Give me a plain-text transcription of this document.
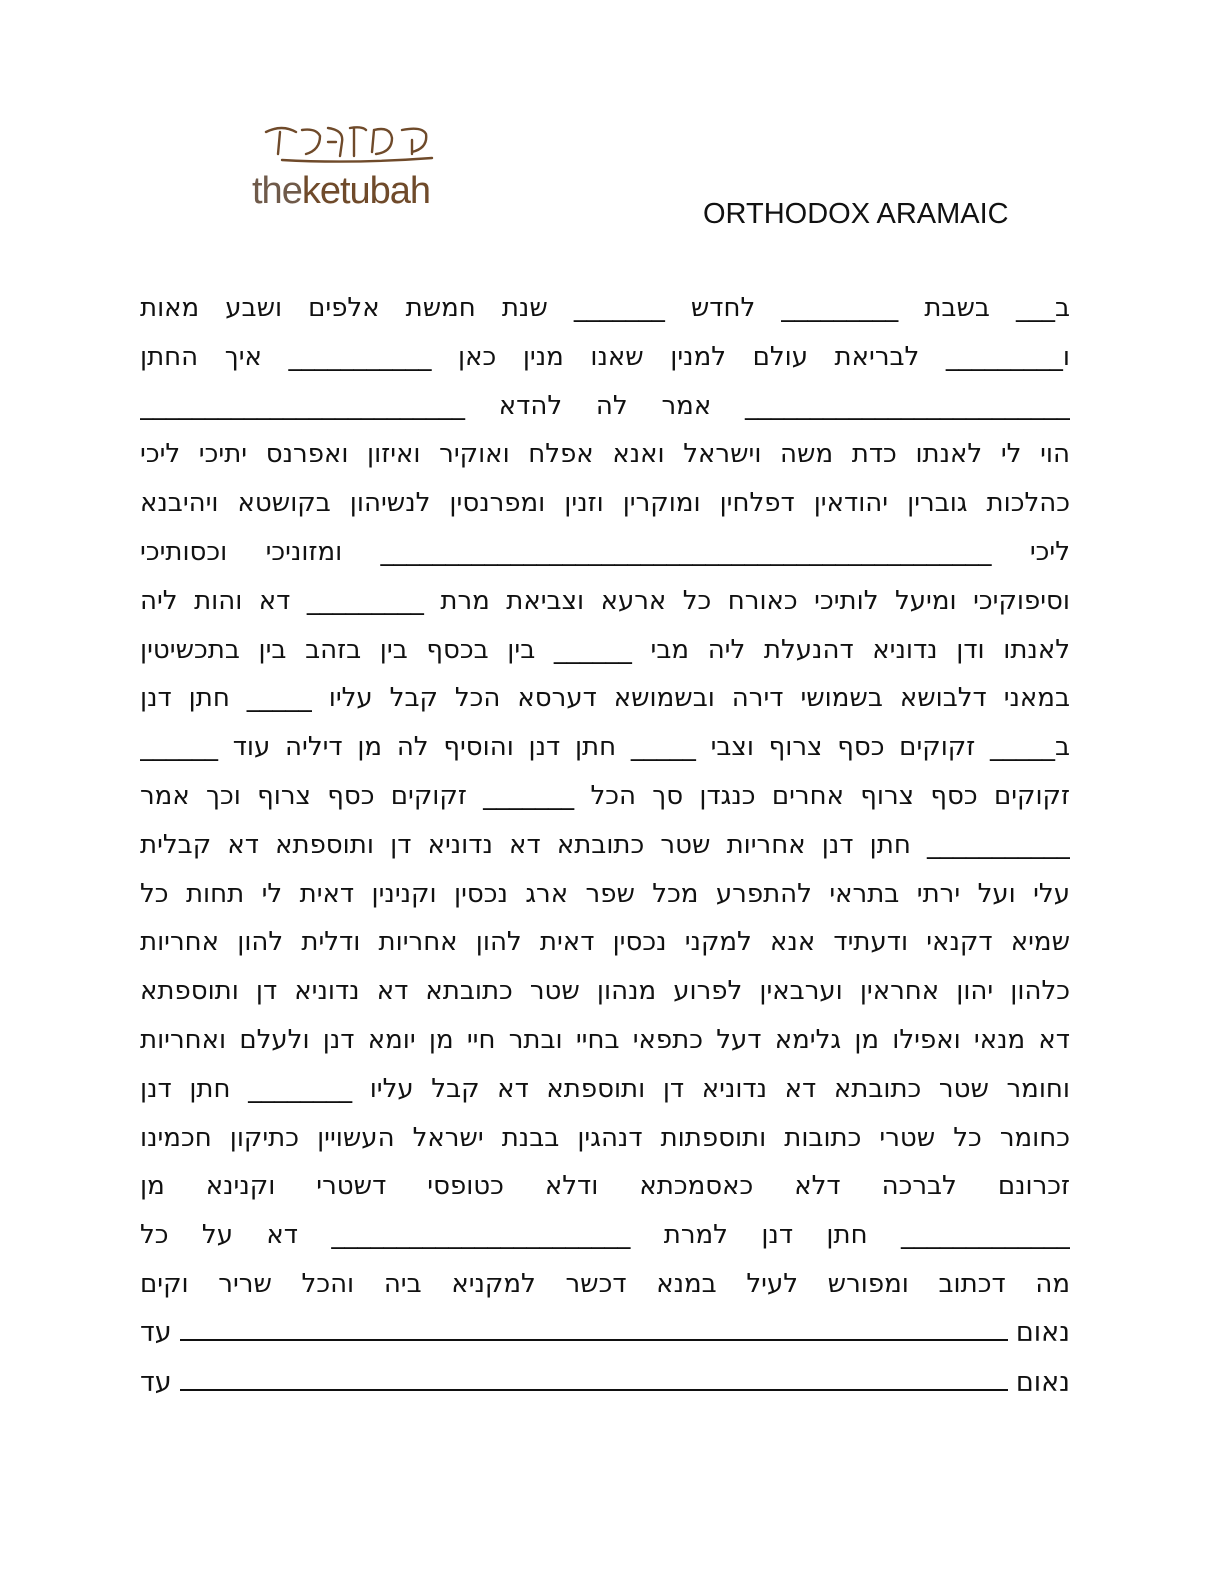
theketubah
ORTHODOX ARAMAIC
ב___ בשבת _________ לחדש _______ שנת חמשת אלפים ושבע מאות
ו_________ לבריאת עולם למנין שאנו מנין כאן ___________ איך החתן
_________________________ אמר לה להדא _________________________
הוי לי לאנתו כדת משה וישראל ואנא אפלח ואוקיר ואיזון ואפרנס יתיכי ליכי
כהלכות גוברין יהודאין דפלחין ומוקרין וזנין ומפרנסין לנשיהון בקושטא ויהיבנא
ליכי _______________________________________________ ומזוניכי וכסותיכי
וסיפוקיכי ומיעל לותיכי כאורח כל ארעא וצביאת מרת _________ דא והות ליה
לאנתו ודן נדוניא דהנעלת ליה מבי ______ בין בכסף בין בזהב בין בתכשיטין
במאני דלבושא בשמושי דירה ובשמושא דערסא הכל קבל עליו _____ חתן דנן
ב_____ זקוקים כסף צרוף וצבי _____ חתן דנן והוסיף לה מן דיליה עוד ______
זקוקים כסף צרוף אחרים כנגדן סך הכל _______ זקוקים כסף צרוף וכך אמר
___________ חתן דנן אחריות שטר כתובתא דא נדוניא דן ותוספתא דא קבלית
עלי ועל ירתי בתראי להתפרע מכל שפר ארג נכסין וקנינין דאית לי תחות כל
שמיא דקנאי ודעתיד אנא למקני נכסין דאית להון אחריות ודלית להון אחריות
כלהון יהון אחראין וערבאין לפרוע מנהון שטר כתובתא דא נדוניא דן ותוספתא
דא מנאי ואפילו מן גלימא דעל כתפאי בחיי ובתר חיי מן יומא דנן ולעלם ואחריות
וחומר שטר כתובתא דא נדוניא דן ותוספתא דא קבל עליו ________ חתן דנן
כחומר כל שטרי כתובות ותוספתות דנהגין בבנת ישראל העשויין כתיקון חכמינו
זכרונם לברכה דלא כאסמכתא ודלא כטופסי דשטרי וקנינא מן
_____________ חתן דנן למרת _______________________ דא על כל
מה דכתוב ומפורש לעיל במנא דכשר למקניא ביה והכל שריר וקים
נאום
עד
נאום
עד
